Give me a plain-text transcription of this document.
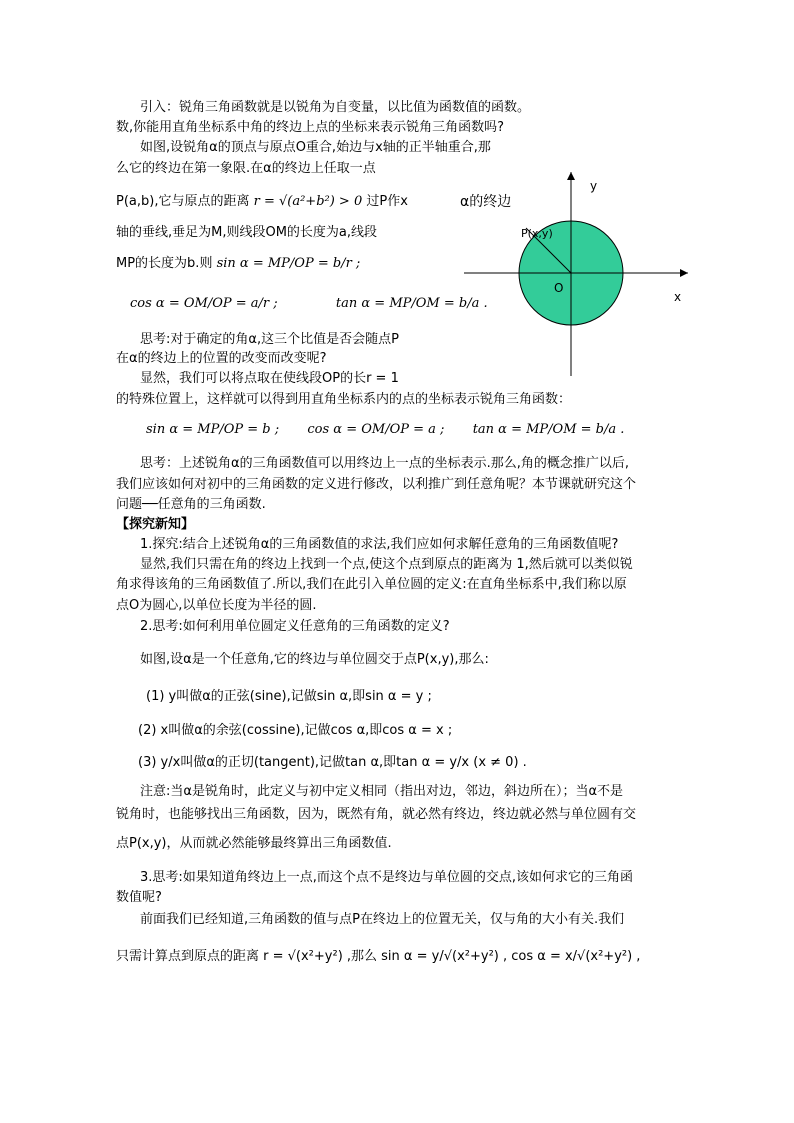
引入：锐角三角函数就是以锐角为自变量，以比值为函数值的函数。
数,你能用直角坐标系中角的终边上点的坐标来表示锐角三角函数吗?
如图,设锐角α的顶点与原点O重合,始边与x轴的正半轴重合,那
么它的终边在第一象限.在α的终边上任取一点
P(a,b),它与原点的距离 r = √(a²+b²) > 0 过P作x
轴的垂线,垂足为M,则线段OM的长度为a,线段
MP的长度为b.则 sin α = MP/OP = b/r ;
cos α = OM/OP = a/r ;	tan α = MP/OM = b/a .
思考:对于确定的角α,这三个比值是否会随点P
在α的终边上的位置的改变而改变呢?
显然，我们可以将点取在使线段OP的长r = 1
的特殊位置上，这样就可以得到用直角坐标系内的点的坐标表示锐角三角函数：
sin α = MP/OP = b ; cos α = OM/OP = a ; tan α = MP/OM = b/a .
思考：上述锐角α的三角函数值可以用终边上一点的坐标表示.那么,角的概念推广以后,
我们应该如何对初中的三角函数的定义进行修改，以利推广到任意角呢？本节课就研究这个
问题──任意角的三角函数.
【探究新知】
1.探究:结合上述锐角α的三角函数值的求法,我们应如何求解任意角的三角函数值呢?
显然,我们只需在角的终边上找到一个点,使这个点到原点的距离为 1,然后就可以类似锐
角求得该角的三角函数值了.所以,我们在此引入单位圆的定义:在直角坐标系中,我们称以原
点O为圆心,以单位长度为半径的圆.
2.思考:如何利用单位圆定义任意角的三角函数的定义?
如图,设α是一个任意角,它的终边与单位圆交于点P(x,y),那么:
(1) y叫做α的正弦(sine),记做sin α,即sin α = y ;
(2) x叫做α的余弦(cossine),记做cos α,即cos α = x ;
(3) y/x叫做α的正切(tangent),记做tan α,即tan α = y/x (x ≠ 0) .
注意:当α是锐角时，此定义与初中定义相同（指出对边，邻边，斜边所在）；当α不是
锐角时，也能够找出三角函数，因为，既然有角，就必然有终边，终边就必然与单位圆有交
点P(x,y)，从而就必然能够最终算出三角函数值.
3.思考:如果知道角终边上一点,而这个点不是终边与单位圆的交点,该如何求它的三角函
数值呢?
前面我们已经知道,三角函数的值与点P在终边上的位置无关，仅与角的大小有关.我们
只需计算点到原点的距离 r = √(x²+y²) ,那么 sin α = y/√(x²+y²) , cos α = x/√(x²+y²) ,
y
x
O
P(x,y)
α的终边
